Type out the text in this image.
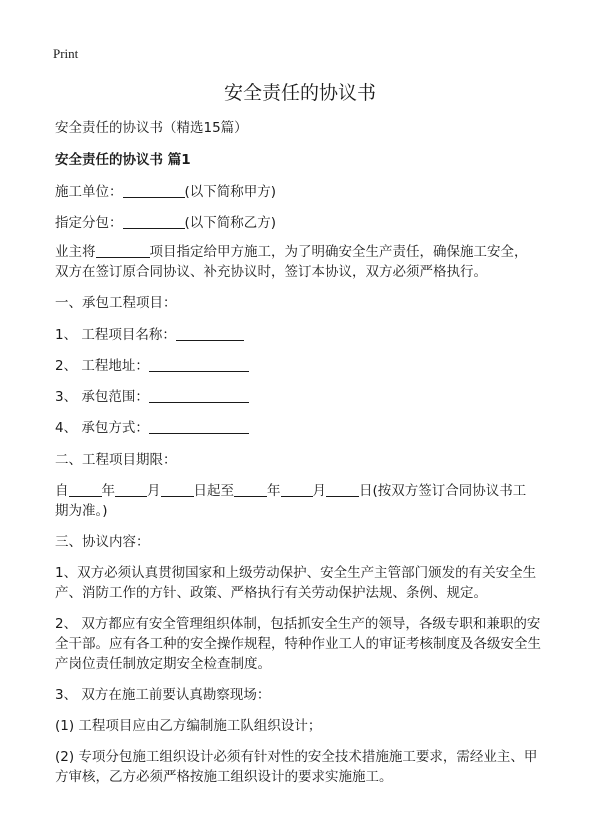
Print
安全责任的协议书
安全责任的协议书（精选15篇）
安全责任的协议书 篇1
施工单位：	(以下简称甲方)
指定分包：	(以下简称乙方)
业主将	项目指定给甲方施工，为了明确安全生产责任，确保施工安全，
双方在签订原合同协议、补充协议时，签订本协议，双方必须严格执行。
一、承包工程项目：
1、 工程项目名称：
2、 工程地址：
3、 承包范围：
4、 承包方式：
二、工程项目期限：
自 年 月 日起至 年 月 日(按双方签订合同协议书工
期为准。)
三、协议内容：
1、双方必须认真贯彻国家和上级劳动保护、安全生产主管部门颁发的有关安全生
产、消防工作的方针、政策、严格执行有关劳动保护法规、条例、规定。
2、 双方都应有安全管理组织体制，包括抓安全生产的领导，各级专职和兼职的安
全干部。应有各工种的安全操作规程，特种作业工人的审证考核制度及各级安全生
产岗位责任制放定期安全检查制度。
3、 双方在施工前要认真勘察现场：
(1) 工程项目应由乙方编制施工队组织设计；
(2) 专项分包施工组织设计必须有针对性的安全技术措施施工要求，需经业主、甲
方审核，乙方必须严格按施工组织设计的要求实施施工。
